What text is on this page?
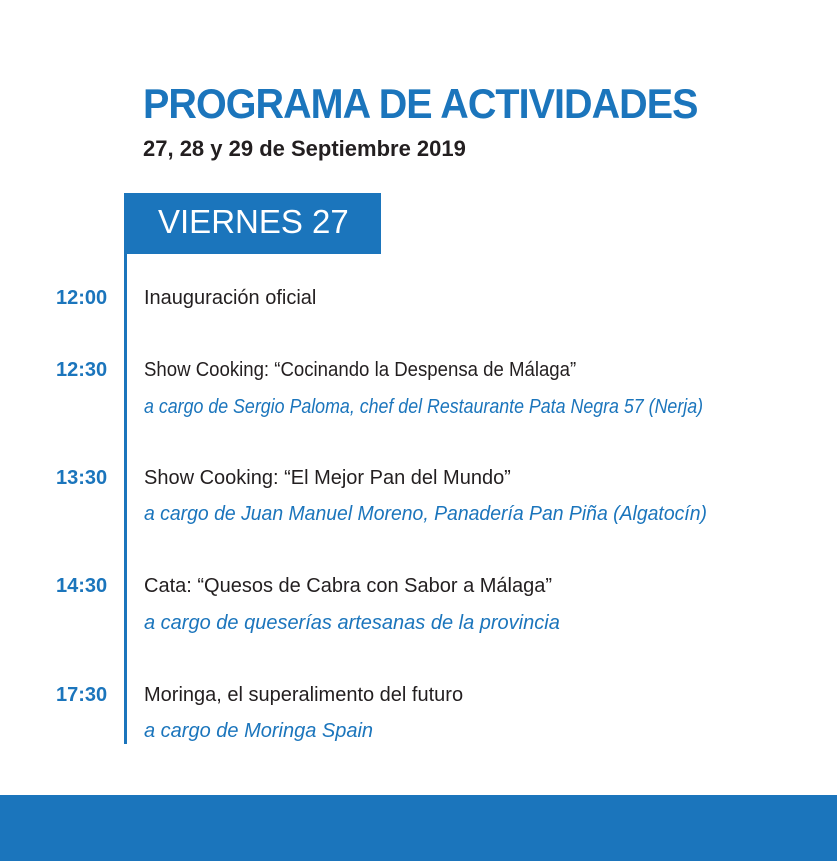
PROGRAMA DE ACTIVIDADES
27, 28 y 29 de Septiembre 2019
VIERNES 27
12:00	Inauguración oficial
12:30	Show Cooking: “Cocinando la Despensa de Málaga”
a cargo de Sergio Paloma, chef del Restaurante Pata Negra 57 (Nerja)
13:30	Show Cooking: “El Mejor Pan del Mundo”
a cargo de Juan Manuel Moreno, Panadería Pan Piña (Algatocín)
14:30	Cata: “Quesos de Cabra con Sabor a Málaga”
a cargo de queserías artesanas de la provincia
17:30	Moringa, el superalimento del futuro
a cargo de Moringa Spain
